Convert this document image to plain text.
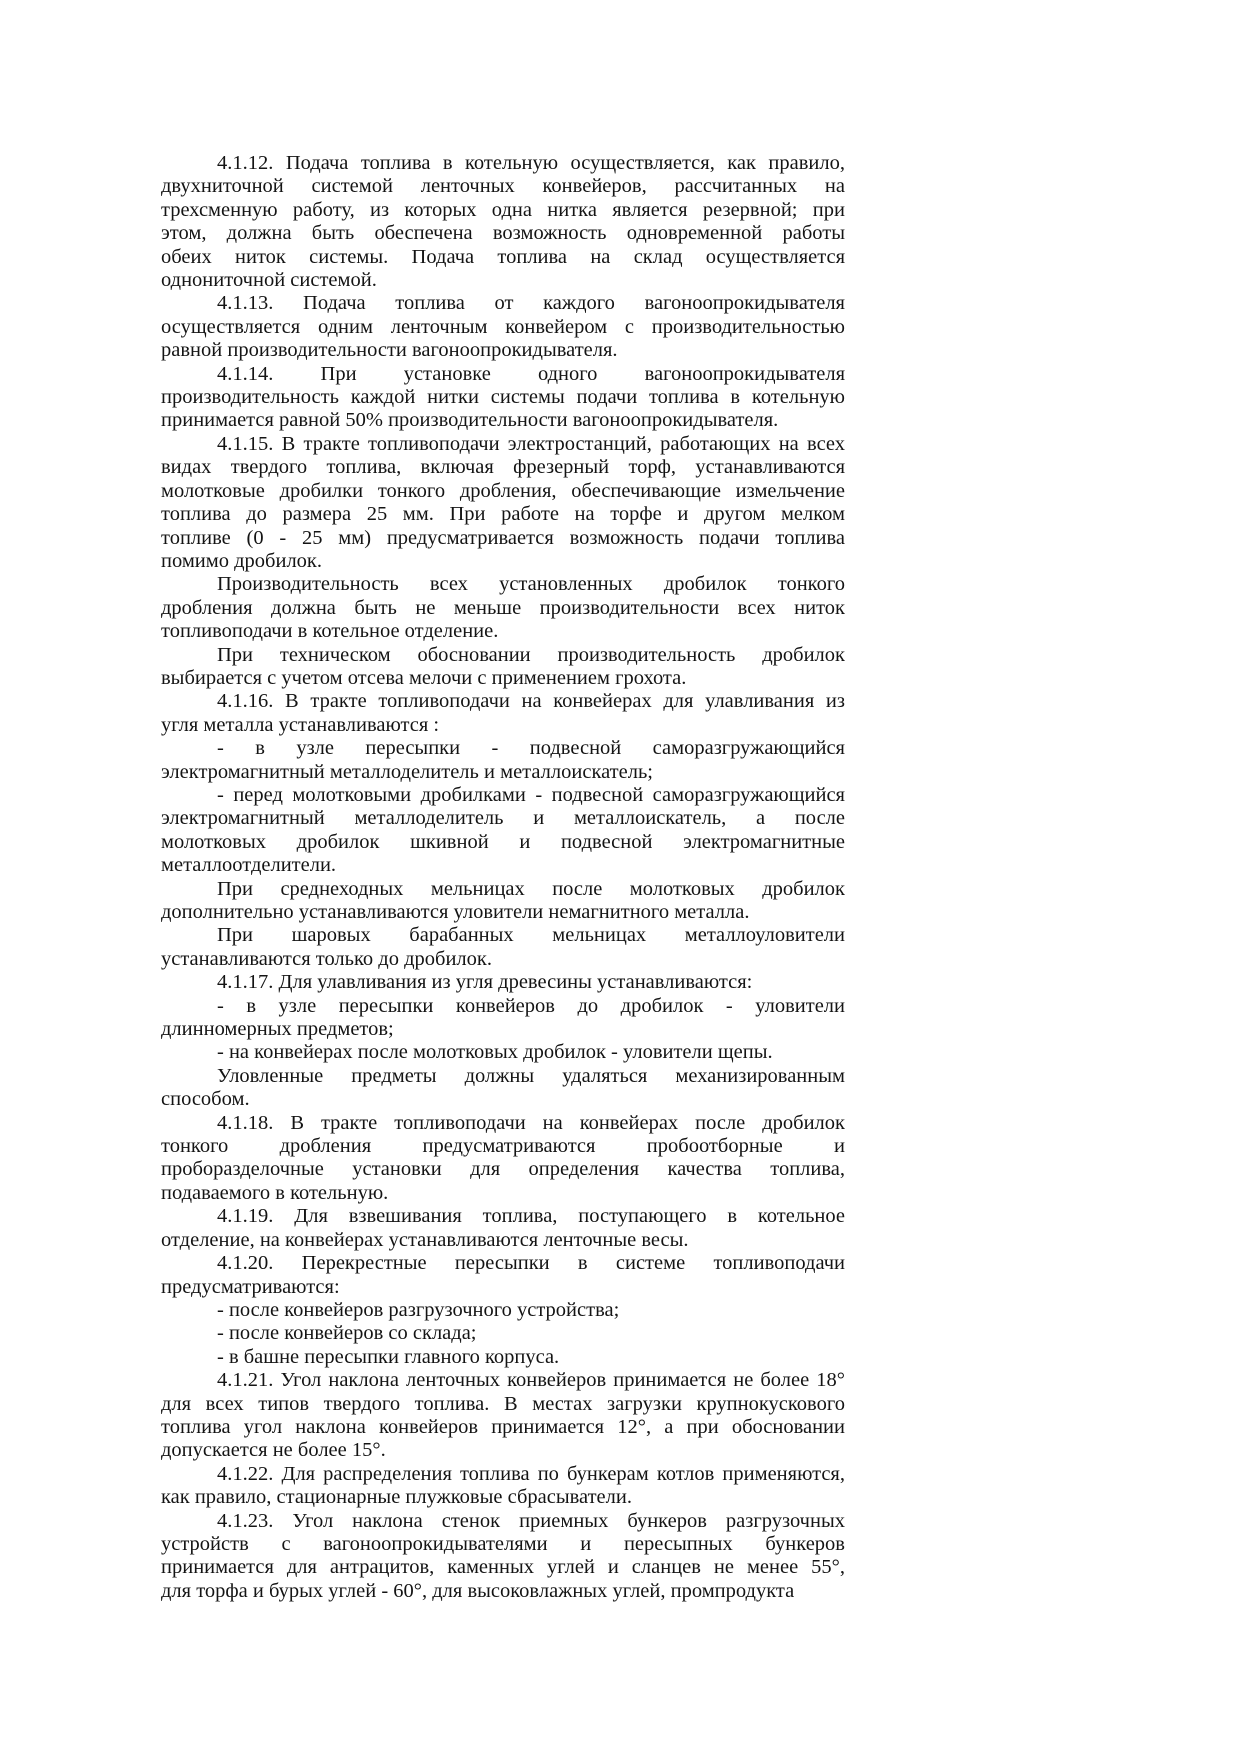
4.1.12. Подача топлива в котельную осуществляется, как правило,
двухниточной системой ленточных конвейеров, рассчитанных на
трехсменную работу, из которых одна нитка является резервной; при
этом, должна быть обеспечена возможность одновременной работы
обеих ниток системы. Подача топлива на склад осуществляется
однониточной системой.
4.1.13. Подача топлива от каждого вагоноопрокидывателя
осуществляется одним ленточным конвейером с производительностью
равной производительности вагоноопрокидывателя.
4.1.14. При установке одного вагоноопрокидывателя
производительность каждой нитки системы подачи топлива в котельную
принимается равной 50% производительности вагоноопрокидывателя.
4.1.15. В тракте топливоподачи электростанций, работающих на всех
видах твердого топлива, включая фрезерный торф, устанавливаются
молотковые дробилки тонкого дробления, обеспечивающие измельчение
топлива до размера 25 мм. При работе на торфе и другом мелком
топливе (0 - 25 мм) предусматривается возможность подачи топлива
помимо дробилок.
Производительность всех установленных дробилок тонкого
дробления должна быть не меньше производительности всех ниток
топливоподачи в котельное отделение.
При техническом обосновании производительность дробилок
выбирается с учетом отсева мелочи с применением грохота.
4.1.16. В тракте топливоподачи на конвейерах для улавливания из
угля металла устанавливаются :
- в узле пересыпки - подвесной саморазгружающийся
электромагнитный металлоделитель и металлоискатель;
- перед молотковыми дробилками - подвесной саморазгружающийся
электромагнитный металлоделитель и металлоискатель, а после
молотковых дробилок шкивной и подвесной электромагнитные
металлоотделители.
При среднеходных мельницах после молотковых дробилок
дополнительно устанавливаются уловители немагнитного металла.
При шаровых барабанных мельницах металлоуловители
устанавливаются только до дробилок.
4.1.17. Для улавливания из угля древесины устанавливаются:
- в узле пересыпки конвейеров до дробилок - уловители
длинномерных предметов;
- на конвейерах после молотковых дробилок - уловители щепы.
Уловленные предметы должны удаляться механизированным
способом.
4.1.18. В тракте топливоподачи на конвейерах после дробилок
тонкого дробления предусматриваются пробоотборные и
проборазделочные установки для определения качества топлива,
подаваемого в котельную.
4.1.19. Для взвешивания топлива, поступающего в котельное
отделение, на конвейерах устанавливаются ленточные весы.
4.1.20. Перекрестные пересыпки в системе топливоподачи
предусматриваются:
- после конвейеров разгрузочного устройства;
- после конвейеров со склада;
- в башне пересыпки главного корпуса.
4.1.21. Угол наклона ленточных конвейеров принимается не более 18°
для всех типов твердого топлива. В местах загрузки крупнокускового
топлива угол наклона конвейеров принимается 12°, а при обосновании
допускается не более 15°.
4.1.22. Для распределения топлива по бункерам котлов применяются,
как правило, стационарные плужковые сбрасыватели.
4.1.23. Угол наклона стенок приемных бункеров разгрузочных
устройств с вагоноопрокидывателями и пересыпных бункеров
принимается для антрацитов, каменных углей и сланцев не менее 55°,
для торфа и бурых углей - 60°, для высоковлажных углей, промпродукта
